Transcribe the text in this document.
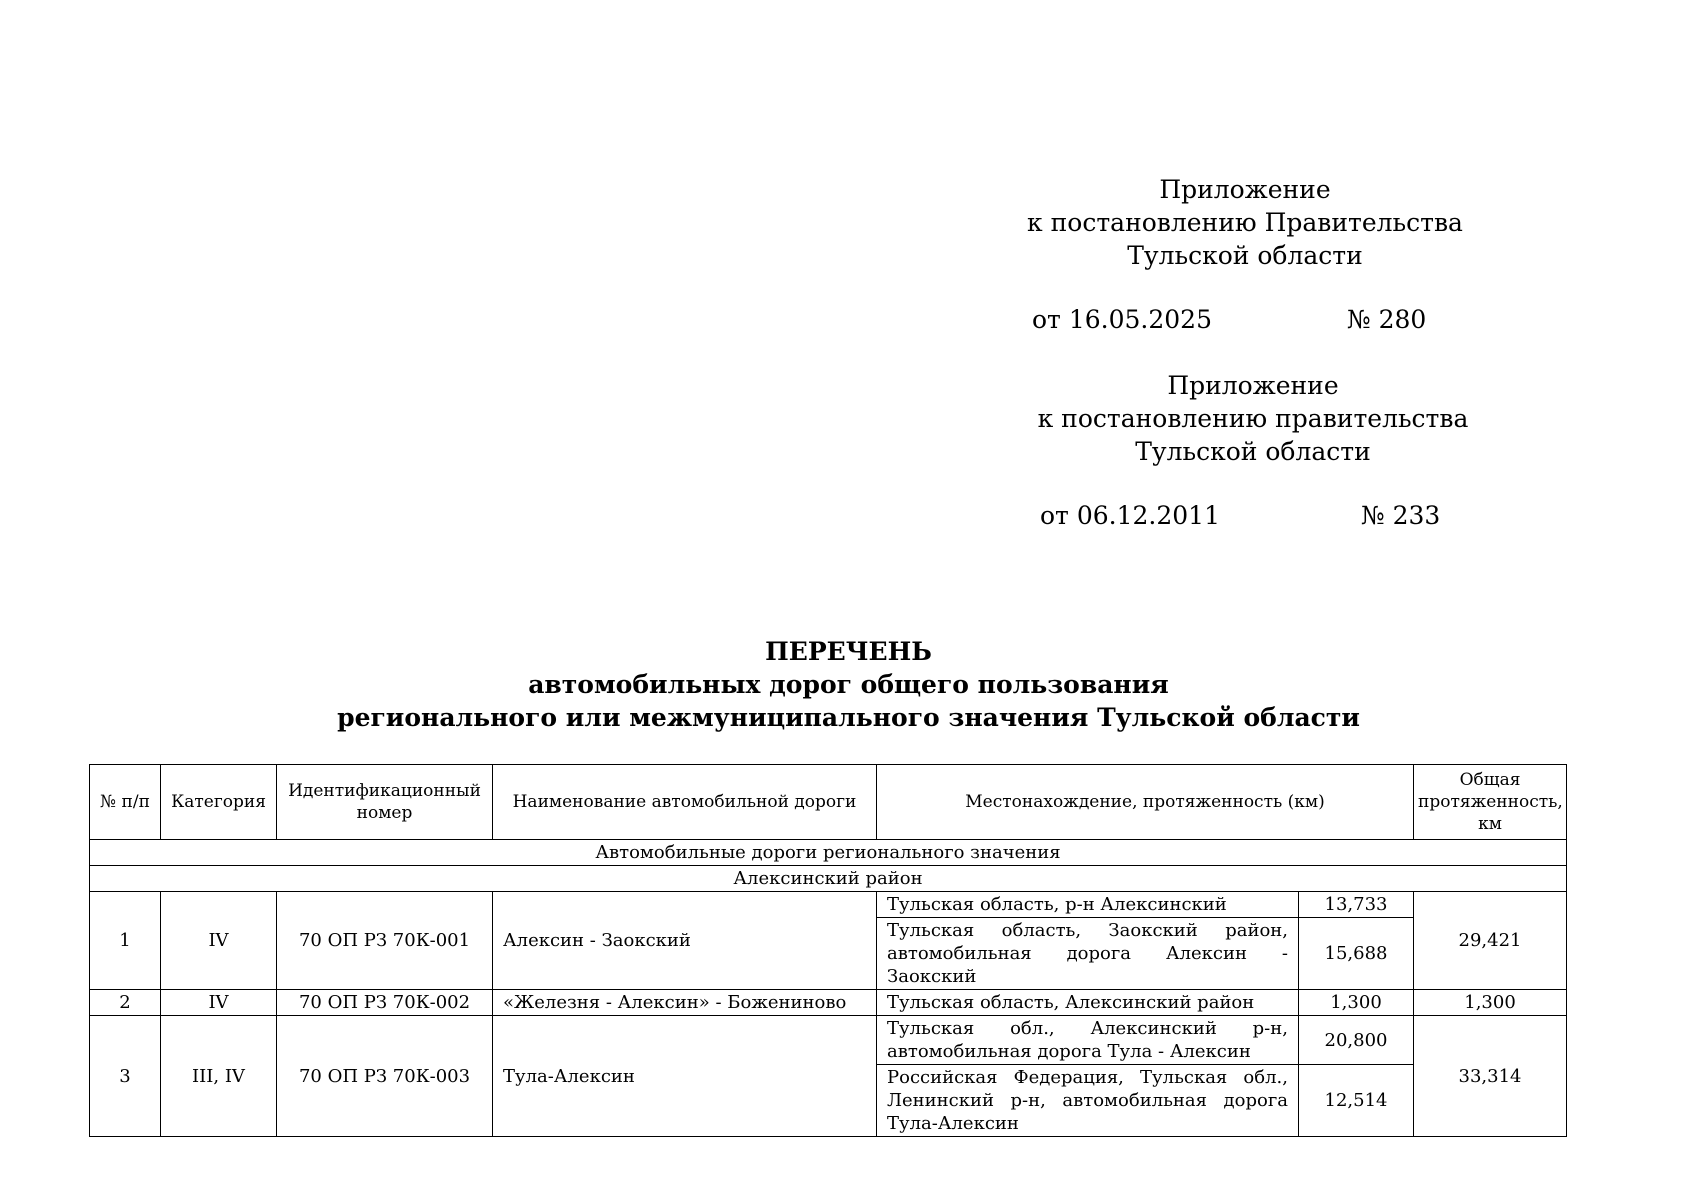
Приложение
к постановлению Правительства
Тульской области
от 16.05.2025	№ 280
Приложение
к постановлению правительства
Тульской области
от 06.12.2011	№ 233
ПЕРЕЧЕНЬ
автомобильных дорог общего пользования
регионального или межмуниципального значения Тульской области
№ п/п	Категория	Идентификационный номер	Наименование автомобильной дороги	Местонахождение, протяженность (км)		Общая протяженность, км
Автомобильные дороги регионального значения						
Алексинский район						
1	IV	70 ОП РЗ 70К-001	Алексин - Заокский	Тульская область, р-н Алексинский	13,733	29,421
				Тульская область, Заокский район, автомобильная дорога Алексин - Заокский	15,688	
2	IV	70 ОП РЗ 70К-002	«Железня - Алексин» - Божениново	Тульская область, Алексинский район	1,300	1,300
3	III, IV	70 ОП РЗ 70К-003	Тула-Алексин	Тульская обл., Алексинский р-н, автомобильная дорога Тула - Алексин	20,800	33,314
				Российская Федерация, Тульская обл., Ленинский р-н, автомобильная дорога Тула-Алексин	12,514	
